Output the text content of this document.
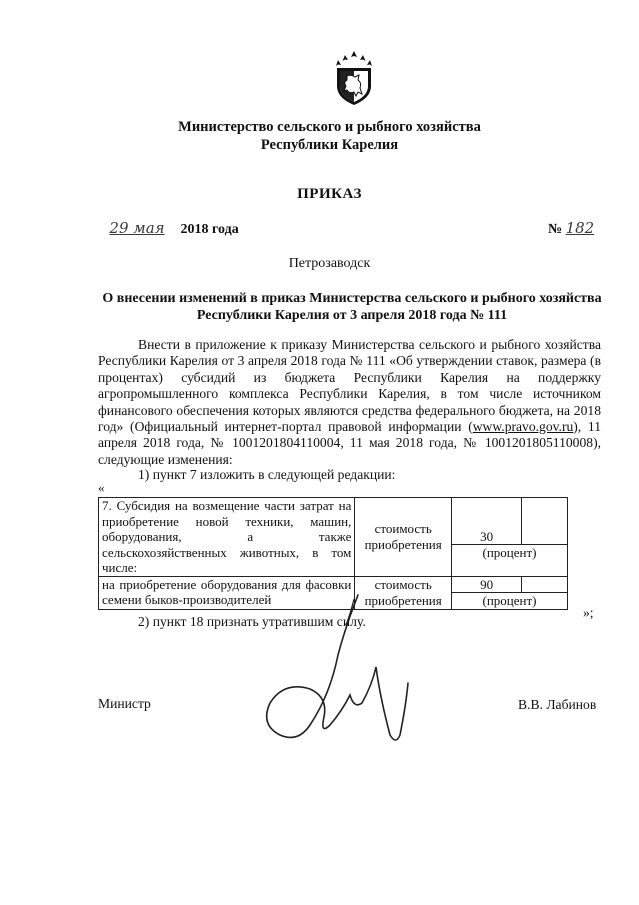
Министерство сельского и рыбного хозяйства
Республики Карелия
ПРИКАЗ
29 мая 2018 года	№ 182
Петрозаводск
О внесении изменений в приказ Министерства сельского и рыбного хозяйства
Республики Карелия от 3 апреля 2018 года № 111

Внести в приложение к приказу Министерства сельского и рыбного хозяйства Республики Карелия от 3 апреля 2018 года № 111 «Об утверждении ставок, размера (в процентах) субсидий из бюджета Республики Карелия на поддержку агропромышленного комплекса Республики Карелия, в том числе источником финансового обеспечения которых являются средства федерального бюджета, на 2018 год» (Официальный интернет-портал правовой информации (www.pravo.gov.ru), 11 апреля 2018 года, № 1001201804110004, 11 мая 2018 года, № 1001201805110008), следующие изменения:

1) пункт 7 изложить в следующей редакции:
«
7. Субсидия на возмещение части затрат на приобретение новой техники, машин, оборудования, а также сельскохозяйственных животных, в том числе:	стоимость приобретения	30	
		(процент)	
на приобретение оборудования для фасовки семени быков-производителей	стоимость приобретения	90	
		(процент)	
»;
2) пункт 18 признать утратившим силу.
Министр	В.В. Лабинов
